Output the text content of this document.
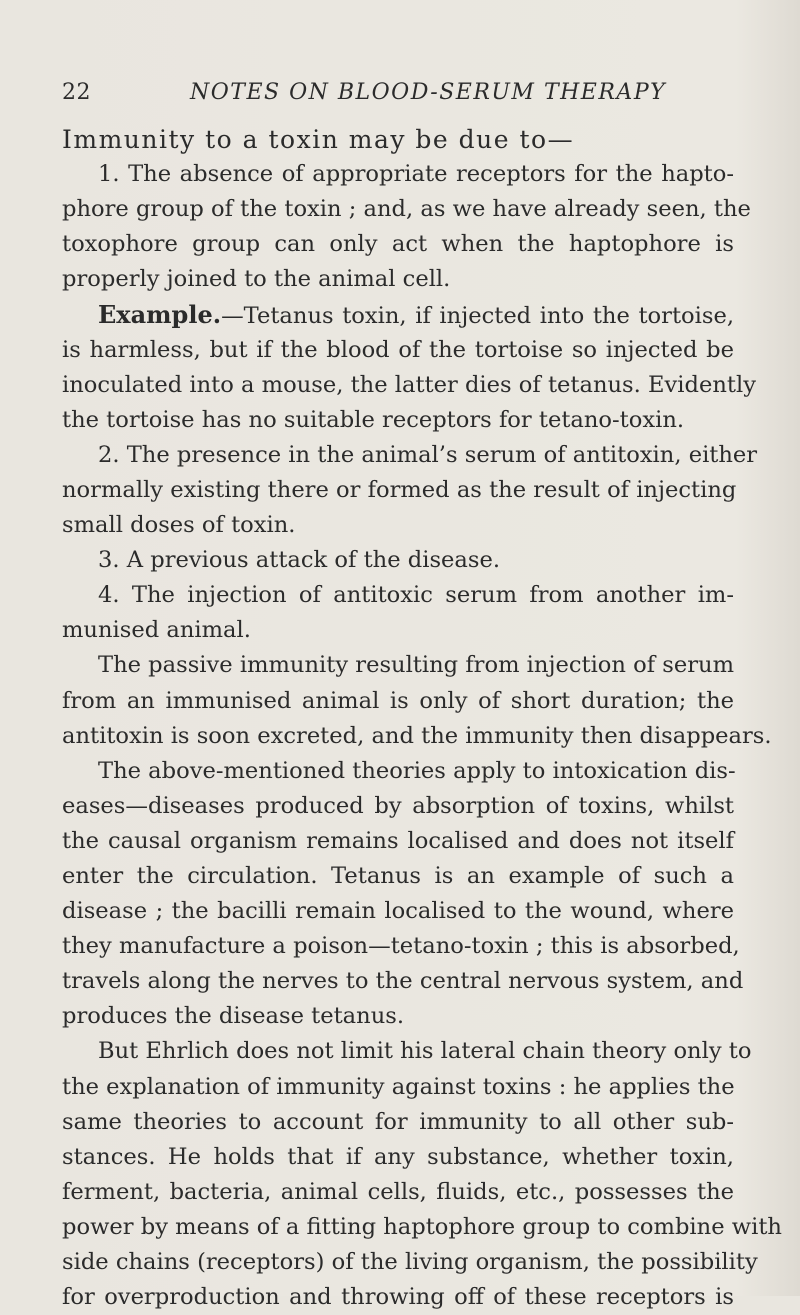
22	NOTES ON BLOOD-SERUM THERAPY
Immunity to a toxin may be due to—
1. The absence of appropriate receptors for the hapto-
phore group of the toxin ; and, as we have already seen, the
toxophore group can only act when the haptophore is
properly joined to the animal cell.
Example.—Tetanus toxin, if injected into the tortoise,
is harmless, but if the blood of the tortoise so injected be
inoculated into a mouse, the latter dies of tetanus. Evidently
the tortoise has no suitable receptors for tetano-toxin.
2. The presence in the animal’s serum of antitoxin, either
normally existing there or formed as the result of injecting
small doses of toxin.
3. A previous attack of the disease.
4. The injection of antitoxic serum from another im-
munised animal.
The passive immunity resulting from injection of serum
from an immunised animal is only of short duration; the
antitoxin is soon excreted, and the immunity then disappears.
The above-mentioned theories apply to intoxication dis-
eases—diseases produced by absorption of toxins, whilst
the causal organism remains localised and does not itself
enter the circulation. Tetanus is an example of such a
disease ; the bacilli remain localised to the wound, where
they manufacture a poison—tetano-toxin ; this is absorbed,
travels along the nerves to the central nervous system, and
produces the disease tetanus.
But Ehrlich does not limit his lateral chain theory only to
the explanation of immunity against toxins : he applies the
same theories to account for immunity to all other sub-
stances. He holds that if any substance, whether toxin,
ferment, bacteria, animal cells, fluids, etc., possesses the
power by means of a fitting haptophore group to combine with
side chains (receptors) of the living organism, the possibility
for overproduction and throwing off of these receptors is
